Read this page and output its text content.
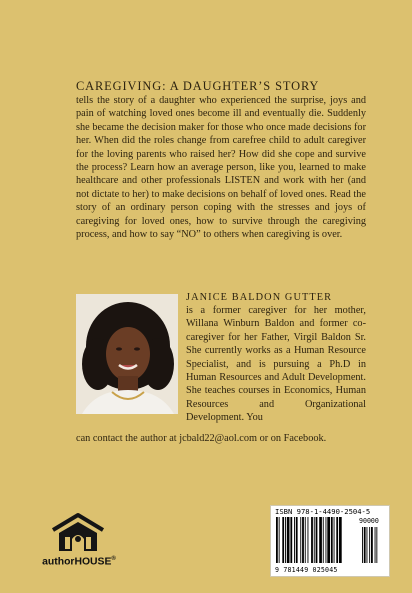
CAREGIVING: A DAUGHTER’S STORY
tells the story of a daughter who experienced the surprise, joys and pain of watching loved ones become ill and eventually die. Suddenly she became the decision maker for those who once made decisions for her. When did the roles change from carefree child to adult caregiver for the loving parents who raised her? How did she cope and survive the process? Learn how an average person, like you, learned to make healthcare and other professionals LISTEN and work with her (and not dictate to her) to make decisions on behalf of loved ones. Read the story of an ordinary person coping with the stresses and joys of caregiving for loved ones, how to survive through the caregiving process, and how to say “NO” to others when caregiving is over.
JANICE BALDON GUTTER
is a former caregiver for her mother, Willana Winburn Baldon and former co-caregiver for her Father, Virgil Baldon Sr. She currently works as a Human Resource Specialist, and is pursuing a Ph.D in Human Resources and Adult Development. She teaches courses in Economics, Human Resources and Organizational Development. You
can contact the author at jcbald22@aol.com or on Facebook.
authorHOUSE®
ISBN 978-1-4490-2504-5
9 781449 025045
90000
